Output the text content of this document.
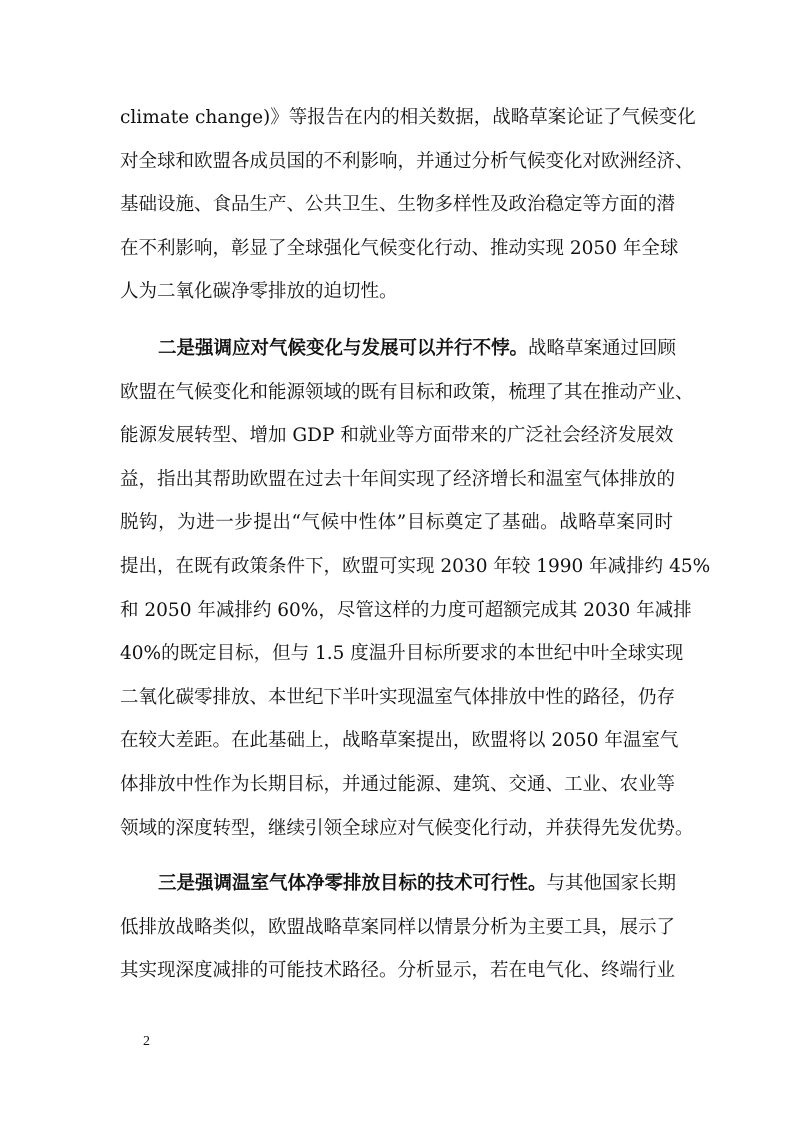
climate change)》等报告在内的相关数据，战略草案论证了气候变化
对全球和欧盟各成员国的不利影响，并通过分析气候变化对欧洲经济、
基础设施、食品生产、公共卫生、生物多样性及政治稳定等方面的潜
在不利影响，彰显了全球强化气候变化行动、推动实现 2050 年全球
人为二氧化碳净零排放的迫切性。
二是强调应对气候变化与发展可以并行不悖。战略草案通过回顾
欧盟在气候变化和能源领域的既有目标和政策，梳理了其在推动产业、
能源发展转型、增加 GDP 和就业等方面带来的广泛社会经济发展效
益，指出其帮助欧盟在过去十年间实现了经济增长和温室气体排放的
脱钩，为进一步提出“气候中性体”目标奠定了基础。战略草案同时
提出，在既有政策条件下，欧盟可实现 2030 年较 1990 年减排约 45%
和 2050 年减排约 60%，尽管这样的力度可超额完成其 2030 年减排
40%的既定目标，但与 1.5 度温升目标所要求的本世纪中叶全球实现
二氧化碳零排放、本世纪下半叶实现温室气体排放中性的路径，仍存
在较大差距。在此基础上，战略草案提出，欧盟将以 2050 年温室气
体排放中性作为长期目标，并通过能源、建筑、交通、工业、农业等
领域的深度转型，继续引领全球应对气候变化行动，并获得先发优势。
三是强调温室气体净零排放目标的技术可行性。与其他国家长期
低排放战略类似，欧盟战略草案同样以情景分析为主要工具，展示了
其实现深度减排的可能技术路径。分析显示，若在电气化、终端行业
2
